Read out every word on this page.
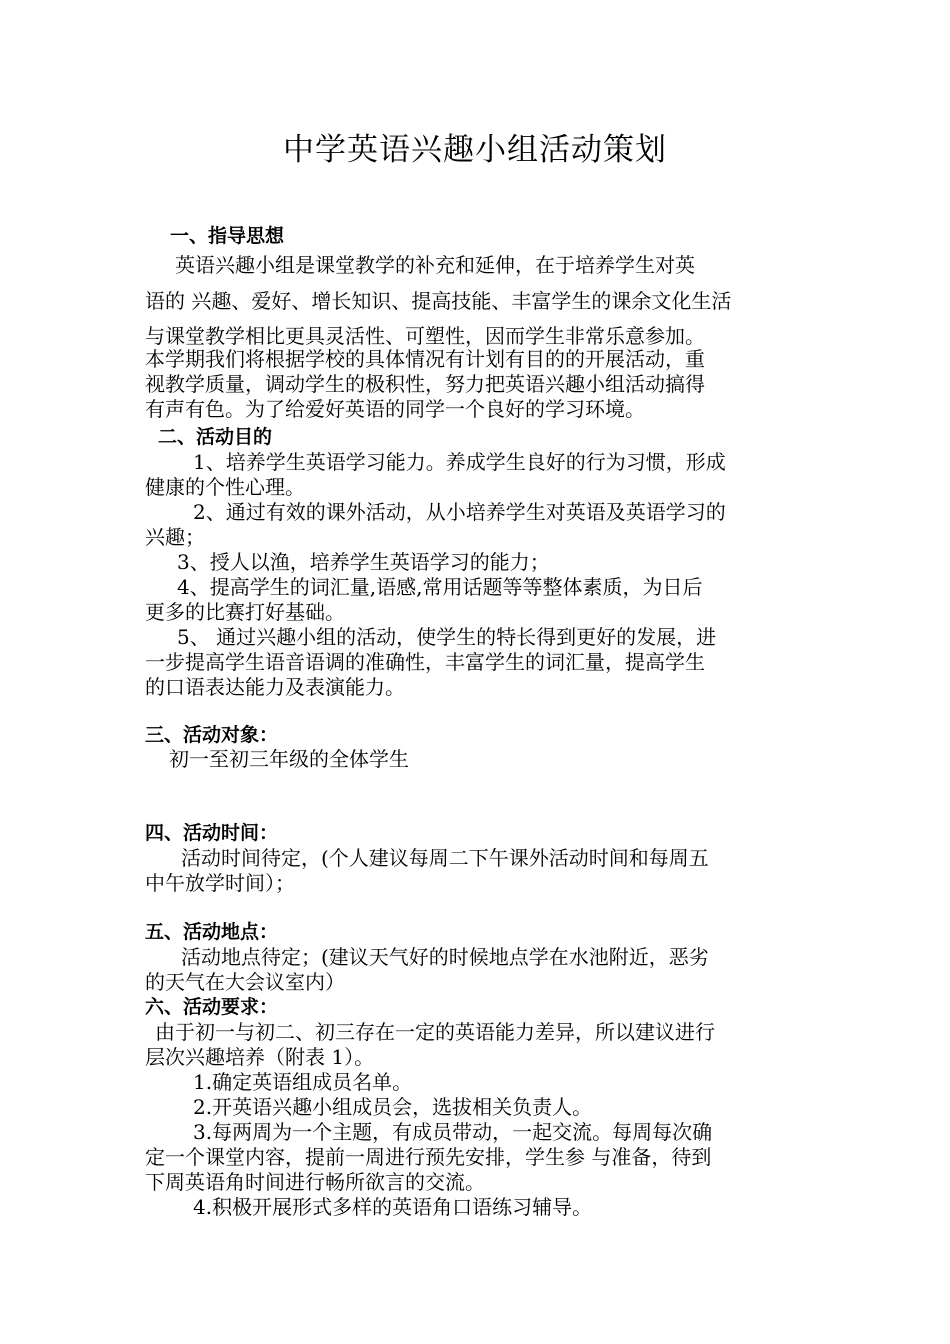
中学英语兴趣小组活动策划
一、指导思想
英语兴趣小组是课堂教学的补充和延伸，在于培养学生对英
语的 兴趣、爱好、增长知识、提高技能、丰富学生的课余文化生活
与课堂教学相比更具灵活性、可塑性，因而学生非常乐意参加。
本学期我们将根据学校的具体情况有计划有目的的开展活动，重
视教学质量，调动学生的极积性，努力把英语兴趣小组活动搞得
有声有色。为了给爱好英语的同学一个良好的学习环境。
二、活动目的
1、培养学生英语学习能力。养成学生良好的行为习惯，形成
健康的个性心理。
2、通过有效的课外活动，从小培养学生对英语及英语学习的
兴趣；
3、授人以渔，培养学生英语学习的能力；
4、提高学生的词汇量,语感,常用话题等等整体素质，为日后
更多的比赛打好基础。
5、 通过兴趣小组的活动，使学生的特长得到更好的发展，进
一步提高学生语音语调的准确性，丰富学生的词汇量，提高学生
的口语表达能力及表演能力。
三、活动对象：
初一至初三年级的全体学生
四、活动时间：
活动时间待定，(个人建议每周二下午课外活动时间和每周五
中午放学时间）；
五、活动地点：
活动地点待定；(建议天气好的时候地点学在水池附近，恶劣
的天气在大会议室内）
六、活动要求：
由于初一与初二、初三存在一定的英语能力差异，所以建议进行
层次兴趣培养（附表 1）。
1.确定英语组成员名单。
2.开英语兴趣小组成员会，选拔相关负责人。
3.每两周为一个主题，有成员带动，一起交流。每周每次确
定一个课堂内容，提前一周进行预先安排，学生参 与准备，待到
下周英语角时间进行畅所欲言的交流。
4.积极开展形式多样的英语角口语练习辅导。
